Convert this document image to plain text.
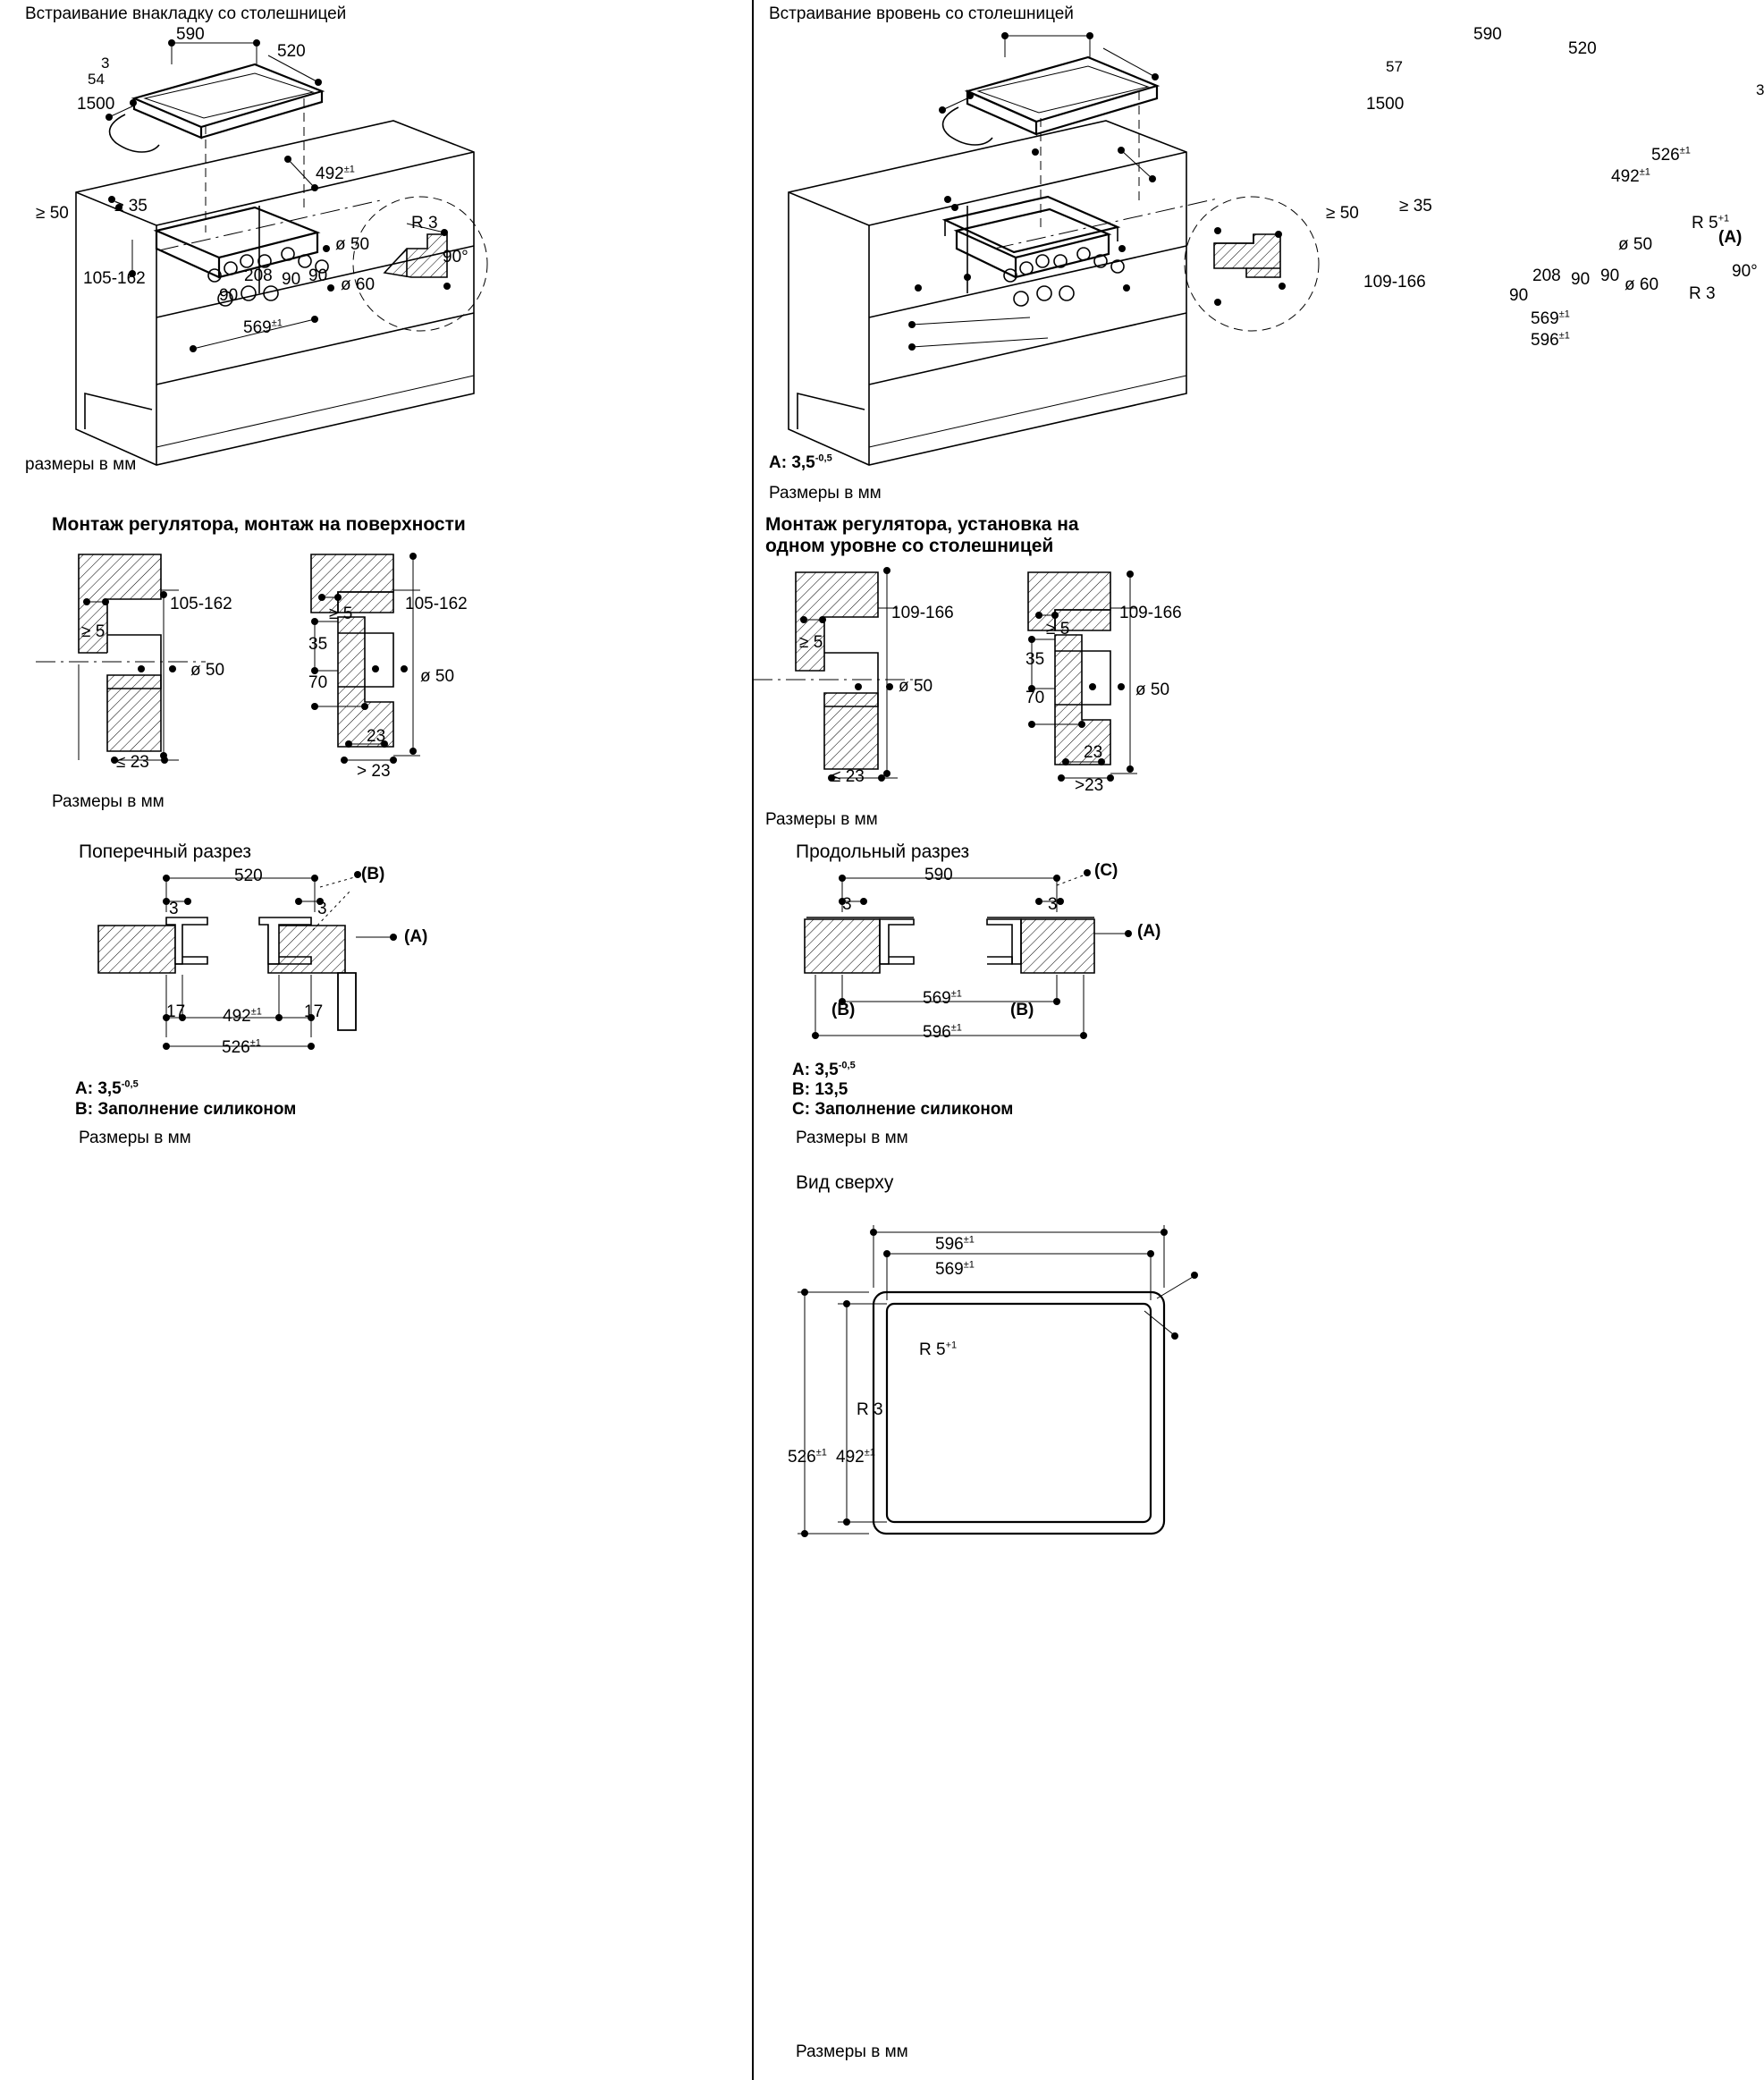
Встраивание внакладку со столешницей
3
54
590
520
1500
$492^{\pm 1}$
≥ 50	≥ 35
105-162	208
90
90 90
ø 50
ø 60
R 3
90°
$569^{\pm 1}$
размеры в мм
Монтаж регулятора, монтаж на поверхности
105-162
≥ 5
ø 50
≤ 23
105-162
≥ 5
35
70	ø 50
23
> 23
Размеры в мм
Поперечный разрез
520
3	3
(B)
(A)
17	17
$492^{\pm 1}$
$526^{\pm 1}$
A: $3,5^{-0,5}$
B: Заполнение силиконом
Размеры в мм
Встраивание вровень со столешницей
57
3
590
520
1500
$526^{\pm 1}$
$492^{\pm 1}$
≥ 50 ≥ 35
109-166	208
90
90 90
ø 50
ø 60
R $5^{+1}$
(A)
90°
R 3
$569^{\pm 1}$
$596^{\pm 1}$
A: $3,5^{-0,5}$
Размеры в мм
Монтаж регулятора, установка на
одном уровне со столешницей
109-166
≥ 5
ø 50
≤ 23
109-166
≥ 5
35
70	ø 50
23
>23
Размеры в мм
Продольный разрез
590
3	3
(C)
(A)
$569^{\pm 1}$
(B)	(B)
$596^{\pm 1}$
A: $3,5^{-0,5}$
B: 13,5
C: Заполнение силиконом
Размеры в мм
Вид сверху
$596^{\pm 1}$
$569^{\pm 1}$
R $5^{+1}$
R 3
$526^{\pm 1}$ $492^{\pm 1}$
Размеры в мм
